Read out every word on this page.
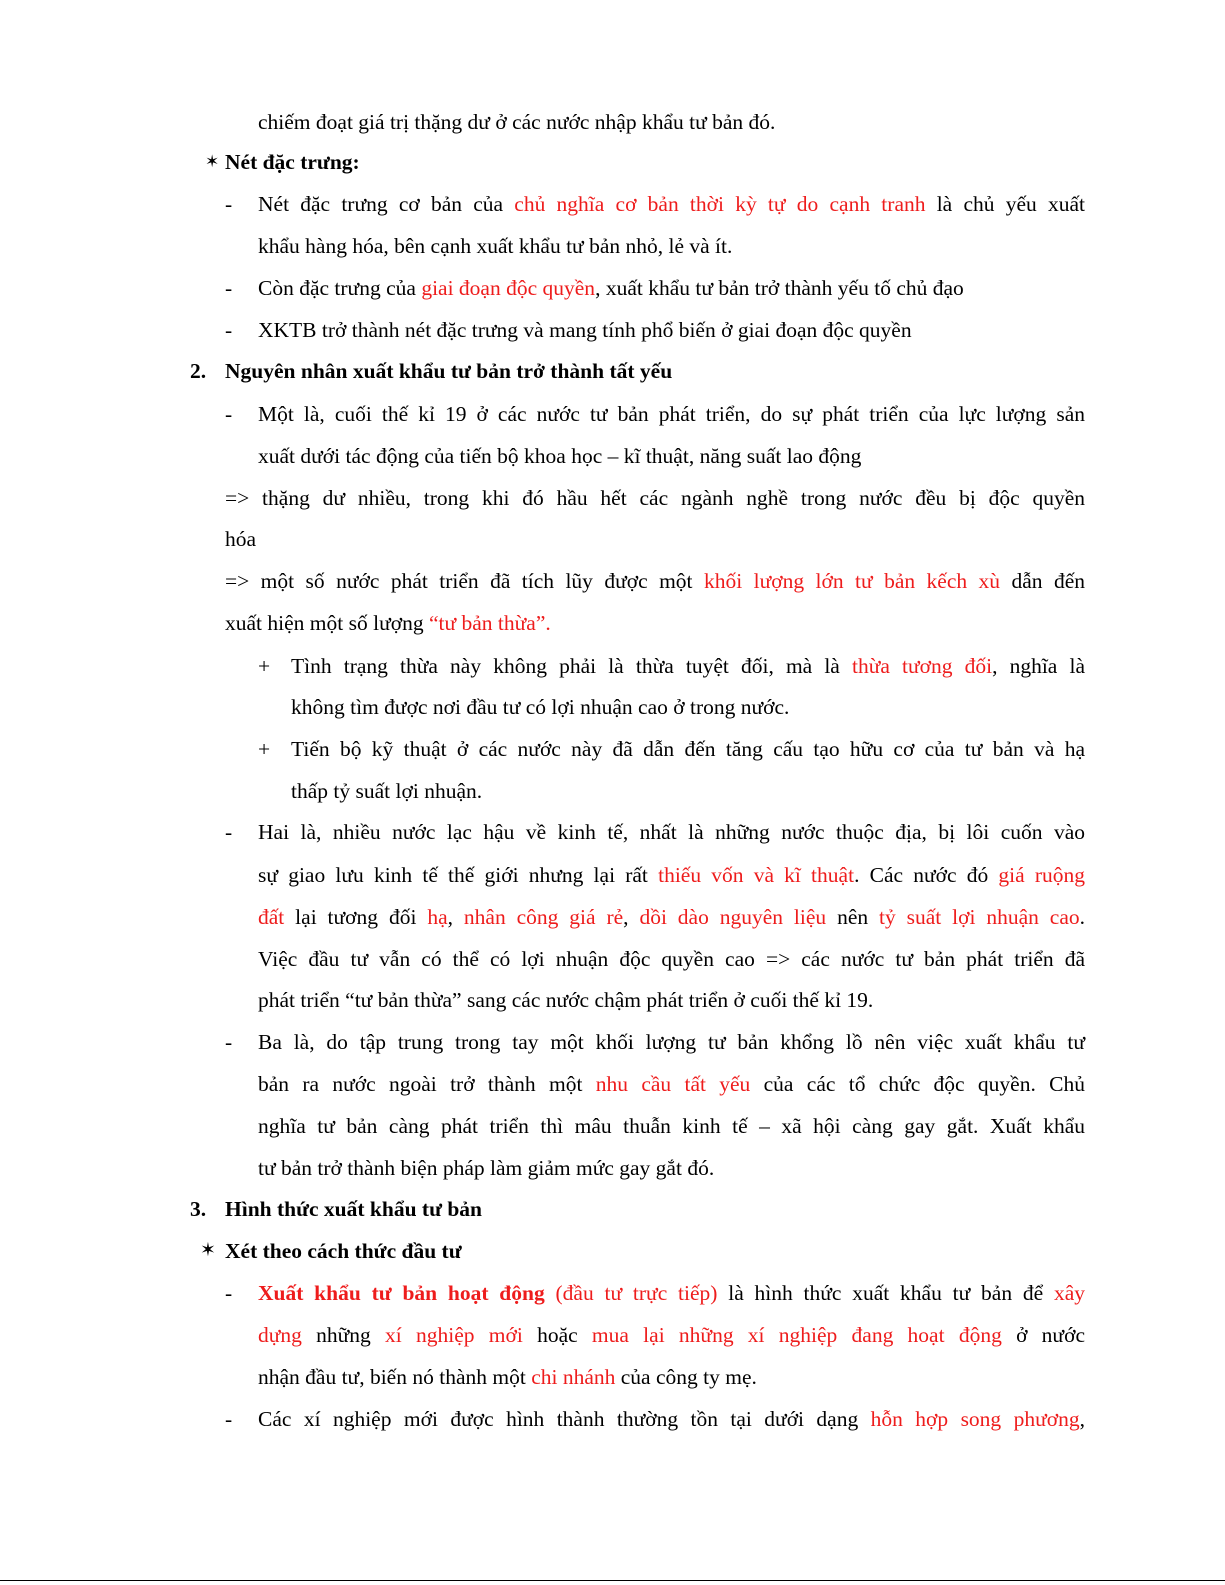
chiếm đoạt giá trị thặng dư ở các nước nhập khẩu tư bản đó.
✶ Nét đặc trưng:
- Nét đặc trưng cơ bản của chủ nghĩa cơ bản thời kỳ tự do cạnh tranh là chủ yếu xuất
khẩu hàng hóa, bên cạnh xuất khẩu tư bản nhỏ, lẻ và ít.
- Còn đặc trưng của giai đoạn độc quyền, xuất khẩu tư bản trở thành yếu tố chủ đạo
- XKTB trở thành nét đặc trưng và mang tính phổ biến ở giai đoạn độc quyền
2. Nguyên nhân xuất khẩu tư bản trở thành tất yếu
- Một là, cuối thế kỉ 19 ở các nước tư bản phát triển, do sự phát triển của lực lượng sản
xuất dưới tác động của tiến bộ khoa học – kĩ thuật, năng suất lao động
=> thặng dư nhiều, trong khi đó hầu hết các ngành nghề trong nước đều bị độc quyền
hóa
=> một số nước phát triển đã tích lũy được một khối lượng lớn tư bản kếch xù dẫn đến
xuất hiện một số lượng “tư bản thừa”.
+ Tình trạng thừa này không phải là thừa tuyệt đối, mà là thừa tương đối, nghĩa là
không tìm được nơi đầu tư có lợi nhuận cao ở trong nước.
+ Tiến bộ kỹ thuật ở các nước này đã dẫn đến tăng cấu tạo hữu cơ của tư bản và hạ
thấp tỷ suất lợi nhuận.
- Hai là, nhiều nước lạc hậu về kinh tế, nhất là những nước thuộc địa, bị lôi cuốn vào
sự giao lưu kinh tế thế giới nhưng lại rất thiếu vốn và kĩ thuật. Các nước đó giá ruộng
đất lại tương đối hạ, nhân công giá rẻ, dồi dào nguyên liệu nên tỷ suất lợi nhuận cao.
Việc đầu tư vẫn có thể có lợi nhuận độc quyền cao => các nước tư bản phát triển đã
phát triển “tư bản thừa” sang các nước chậm phát triển ở cuối thế kỉ 19.
- Ba là, do tập trung trong tay một khối lượng tư bản khổng lồ nên việc xuất khẩu tư
bản ra nước ngoài trở thành một nhu cầu tất yếu của các tổ chức độc quyền. Chủ
nghĩa tư bản càng phát triển thì mâu thuẫn kinh tế – xã hội càng gay gắt. Xuất khẩu
tư bản trở thành biện pháp làm giảm mức gay gắt đó.
3. Hình thức xuất khẩu tư bản
✶ Xét theo cách thức đầu tư
- Xuất khẩu tư bản hoạt động (đầu tư trực tiếp) là hình thức xuất khẩu tư bản để xây
dựng những xí nghiệp mới hoặc mua lại những xí nghiệp đang hoạt động ở nước
nhận đầu tư, biến nó thành một chi nhánh của công ty mẹ.
- Các xí nghiệp mới được hình thành thường tồn tại dưới dạng hỗn hợp song phương,
